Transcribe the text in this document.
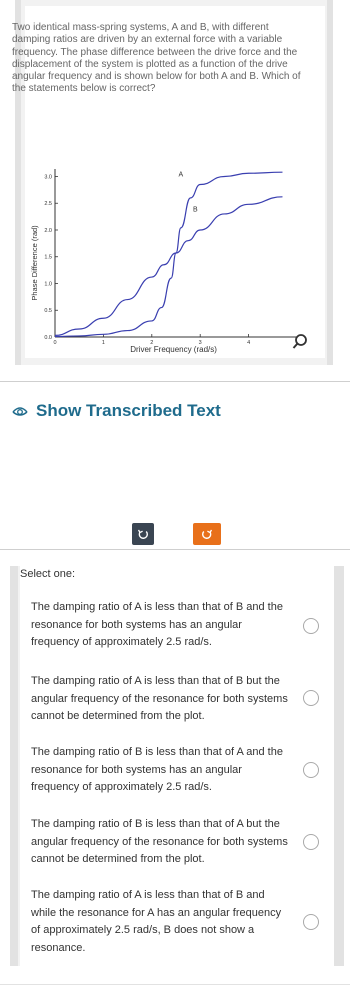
Two identical mass-spring systems, A and B, with different damping ratios are driven by an external force with a variable frequency. The phase difference between the drive force and the displacement of the system is plotted as a function of the drive angular frequency and is shown below for both A and B. Which of the statements below is correct?
0.0
0.5
1.0
1.5
2.0
2.5
3.0
0	1	2	3	4
Driver Frequency (rad/s)
Phase Difference (rad)
A
B
Show Transcribed Text
Select one:
The damping ratio of A is less than that of B and the resonance for both systems has an angular frequency of approximately 2.5 rad/s.
The damping ratio of A is less than that of B but the angular frequency of the resonance for both systems cannot be determined from the plot.
The damping ratio of B is less than that of A and the resonance for both systems has an angular frequency of approximately 2.5 rad/s.
The damping ratio of B is less than that of A but the angular frequency of the resonance for both systems cannot be determined from the plot.
The damping ratio of A is less than that of B and while the resonance for A has an angular frequency of approximately 2.5 rad/s, B does not show a resonance.
